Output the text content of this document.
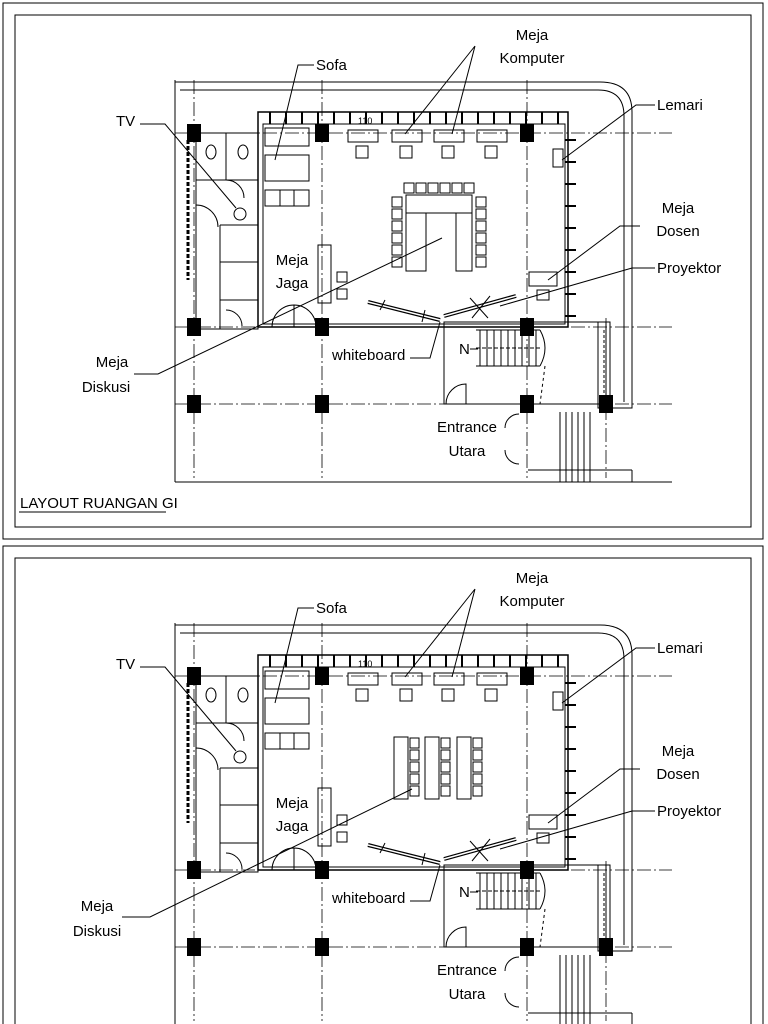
110
N
TV
Sofa
Meja
Komputer
Lemari
Meja
Dosen
Proyektor
Meja
Jaga
Meja
Diskusi
whiteboard
Entrance
Utara
LAYOUT RUANGAN GI
110
N
TV
Sofa
Meja
Komputer
Lemari
Meja
Dosen
Proyektor
Meja
Jaga
Meja
Diskusi
whiteboard
Entrance
Utara
